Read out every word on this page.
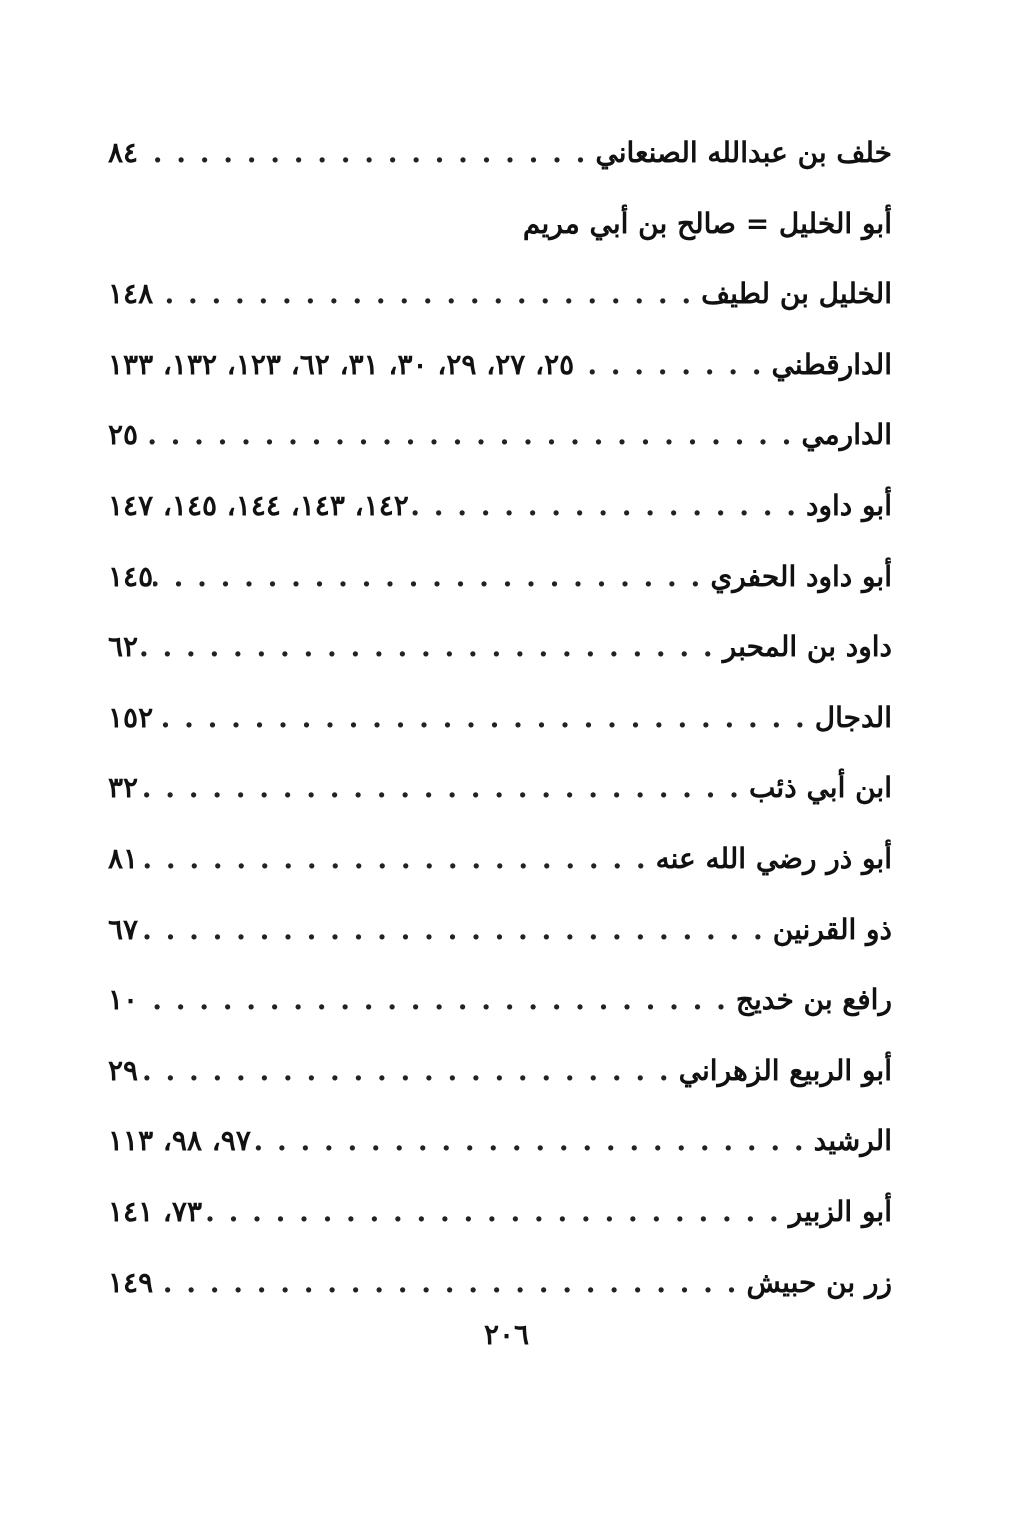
خلف بن عبدالله الصنعاني
. . .
٨٤
أبو الخليل = صالح بن أبي مريم
الخليل بن لطيف
. . .
١٤٨
الدارقطني
. . .
٢٥، ٢٧، ٢٩، ٣٠، ٣١، ٦٢، ١٢٣، ١٣٢، ١٣٣
الدارمي
. . .
٢٥
أبو داود
. . .
١٤٢، ١٤٣، ١٤٤، ١٤٥، ١٤٧
أبو داود الحفري
. . .
١٤٥
داود بن المحبر
. . .
٦٢
الدجال
. . .
١٥٢
ابن أبي ذئب
. . .
٣٢
أبو ذر رضي الله عنه
. . .
٨١
ذو القرنين
. . .
٦٧
رافع بن خديج
. . .
١٠
أبو الربيع الزهراني
. . .
٢٩
الرشيد
. . .
٩٧، ٩٨، ١١٣
أبو الزبير
. . .
٧٣، ١٤١
زر بن حبيش
. . .
١٤٩
٢٠٦
